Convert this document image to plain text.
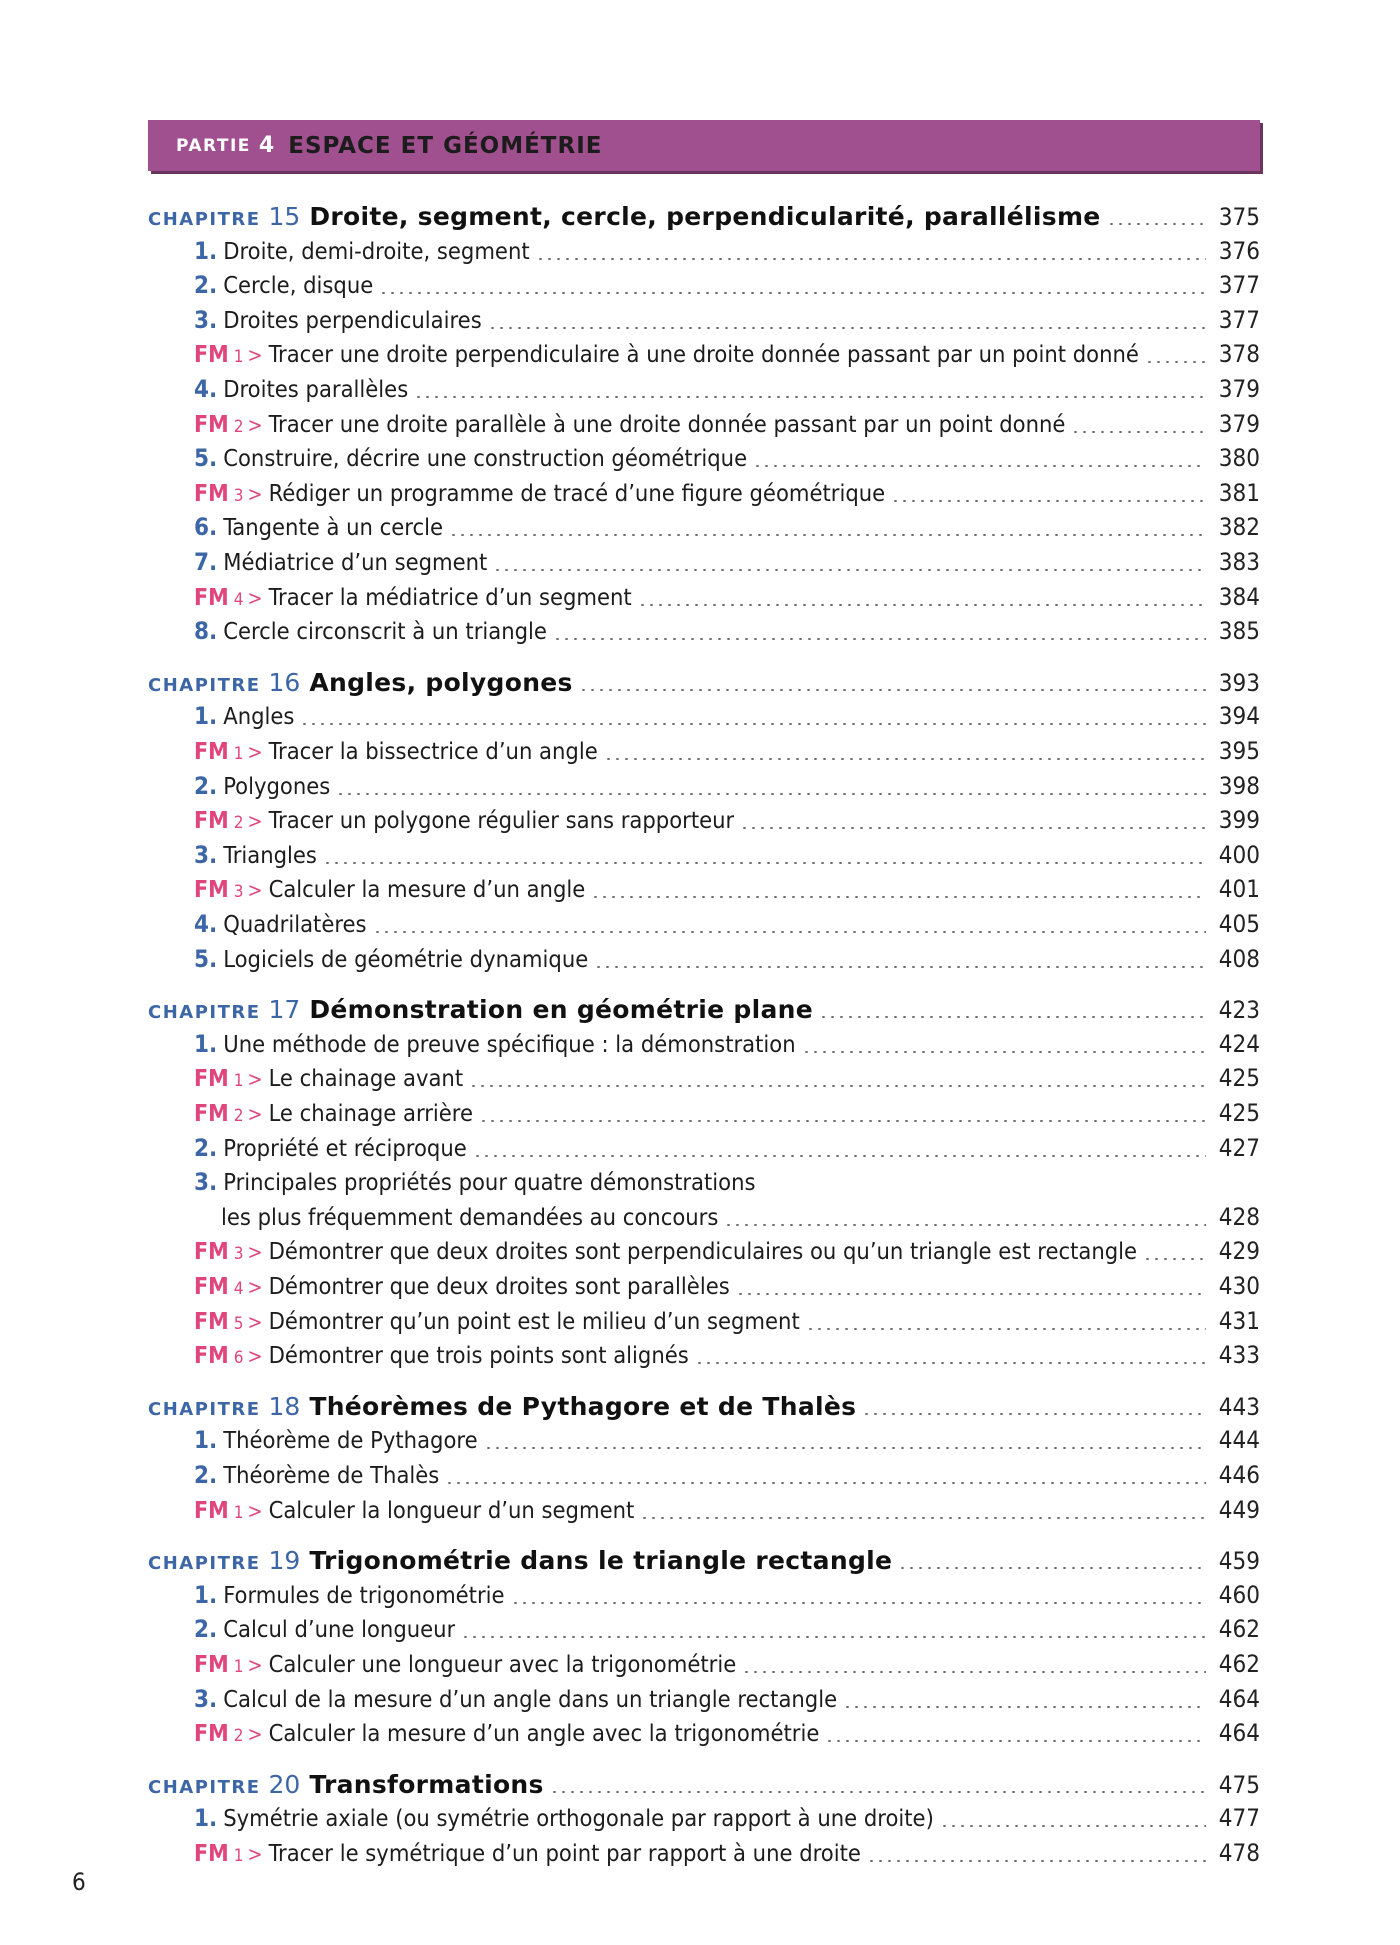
PARTIE 4 ESPACE ET GÉOMÉTRIE
CHAPITRE 15 Droite, segment, cercle, perpendicularité, parallélisme	375
1. Droite, demi-droite, segment	376
2. Cercle, disque	377
3. Droites perpendiculaires	377
FM 1 > Tracer une droite perpendiculaire à une droite donnée passant par un point donné	378
4. Droites parallèles	379
FM 2 > Tracer une droite parallèle à une droite donnée passant par un point donné	379
5. Construire, décrire une construction géométrique	380
FM 3 > Rédiger un programme de tracé d’une figure géométrique	381
6. Tangente à un cercle	382
7. Médiatrice d’un segment	383
FM 4 > Tracer la médiatrice d’un segment	384
8. Cercle circonscrit à un triangle	385
CHAPITRE 16 Angles, polygones	393
1. Angles	394
FM 1 > Tracer la bissectrice d’un angle	395
2. Polygones	398
FM 2 > Tracer un polygone régulier sans rapporteur	399
3. Triangles	400
FM 3 > Calculer la mesure d’un angle	401
4. Quadrilatères	405
5. Logiciels de géométrie dynamique	408
CHAPITRE 17 Démonstration en géométrie plane	423
1. Une méthode de preuve spécifique : la démonstration	424
FM 1 > Le chainage avant	425
FM 2 > Le chainage arrière	425
2. Propriété et réciproque	427
3. Principales propriétés pour quatre démonstrations
les plus fréquemment demandées au concours	428
FM 3 > Démontrer que deux droites sont perpendiculaires ou qu’un triangle est rectangle	429
FM 4 > Démontrer que deux droites sont parallèles	430
FM 5 > Démontrer qu’un point est le milieu d’un segment	431
FM 6 > Démontrer que trois points sont alignés	433
CHAPITRE 18 Théorèmes de Pythagore et de Thalès	443
1. Théorème de Pythagore	444
2. Théorème de Thalès	446
FM 1 > Calculer la longueur d’un segment	449
CHAPITRE 19 Trigonométrie dans le triangle rectangle	459
1. Formules de trigonométrie	460
2. Calcul d’une longueur	462
FM 1 > Calculer une longueur avec la trigonométrie	462
3. Calcul de la mesure d’un angle dans un triangle rectangle	464
FM 2 > Calculer la mesure d’un angle avec la trigonométrie	464
CHAPITRE 20 Transformations	475
1. Symétrie axiale (ou symétrie orthogonale par rapport à une droite)	477
FM 1 > Tracer le symétrique d’un point par rapport à une droite	478
6
